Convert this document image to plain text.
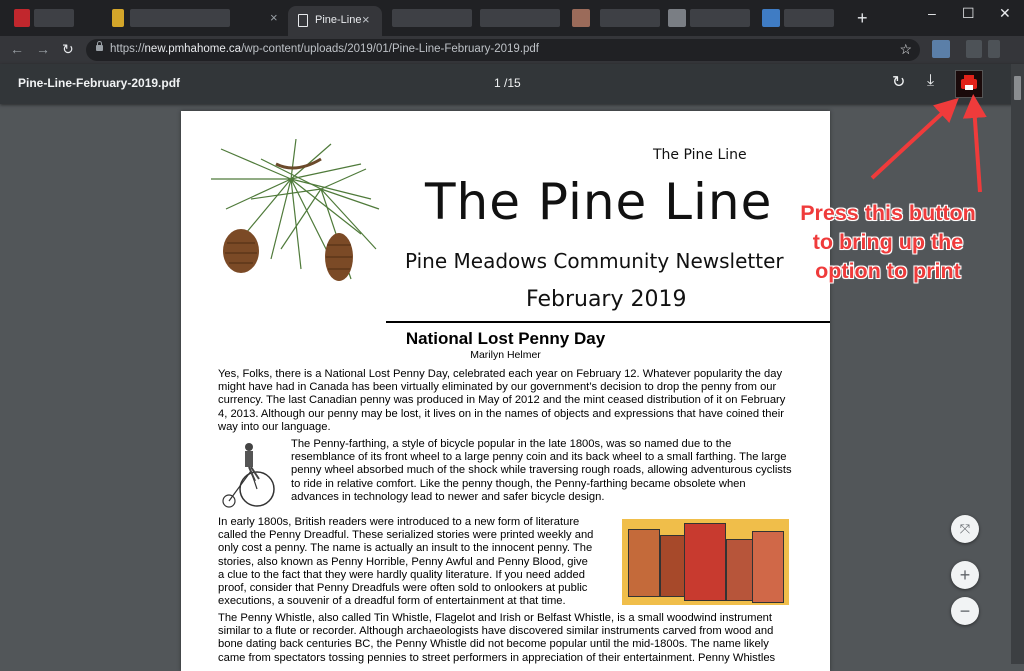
×	Pine-Line ×	+	– ☐ ✕
← → ↻	https://new.pmhahome.ca/wp-content/uploads/2019/01/Pine-Line-February-2019.pdf	☆
Pine-Line-February-2019.pdf	1 /15	↻ ⤓
The Pine Line
The Pine Line
Pine Meadows Community Newsletter
February 2019
National Lost Penny Day
Marilyn Helmer
Yes, Folks, there is a National Lost Penny Day, celebrated each year on February 12. Whatever popularity the day might have had in Canada has been virtually eliminated by our government’s decision to drop the penny from our currency. The last Canadian penny was produced in May of 2012 and the mint ceased distribution of it on February 4, 2013. Although our penny may be lost, it lives on in the names of objects and expressions that have coined their way into our language.
The Penny-farthing, a style of bicycle popular in the late 1800s, was so named due to the resemblance of its front wheel to a large penny coin and its back wheel to a small farthing. The large penny wheel absorbed much of the shock while traversing rough roads, allowing adventurous cyclists to ride in relative comfort. Like the penny though, the Penny-farthing became obsolete when advances in technology lead to newer and safer bicycle design.
In early 1800s, British readers were introduced to a new form of literature called the Penny Dreadful. These serialized stories were printed weekly and only cost a penny. The name is actually an insult to the innocent penny. The stories, also known as Penny Horrible, Penny Awful and Penny Blood, give a clue to the fact that they were hardly quality literature. If you need added proof, consider that Penny Dreadfuls were often sold to onlookers at public executions, a souvenir of a dreadful form of entertainment at that time.
The Penny Whistle, also called Tin Whistle, Flagelot and Irish or Belfast Whistle, is a small woodwind instrument similar to a flute or recorder. Although archaeologists have discovered similar instruments carved from wood and bone dating back centuries BC, the Penny Whistle did not become popular until the mid-1800s. The name likely came from spectators tossing pennies to street performers in appreciation of their entertainment. Penny Whistles
⤧
+
−
Press this button
to bring up the
option to print
